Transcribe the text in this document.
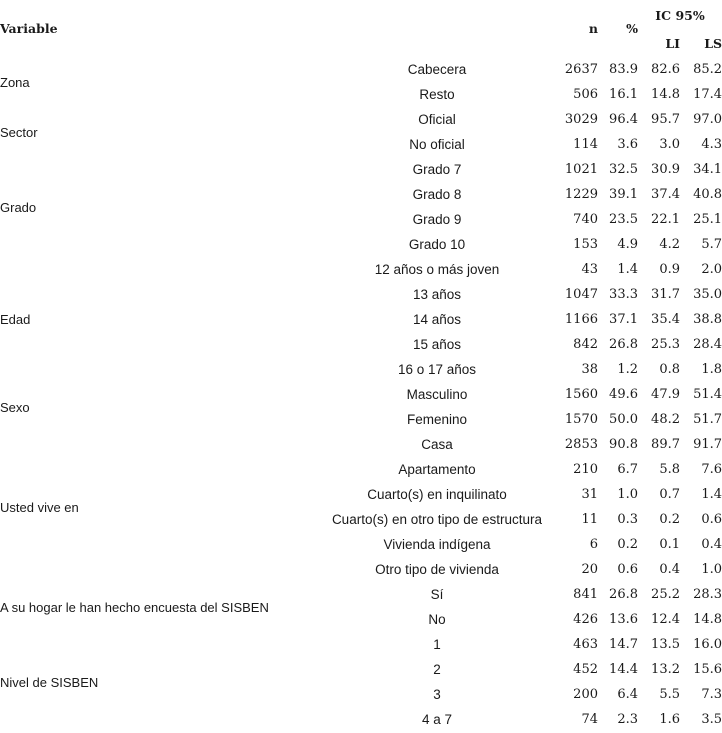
Variable		n	%	IC 95%	
				LI	LS
Zona	Cabecera	2637	83.9	82.6	85.2
	Resto	506	16.1	14.8	17.4
Sector	Oficial	3029	96.4	95.7	97.0
	No oficial	114	3.6	3.0	4.3
Grado	Grado 7	1021	32.5	30.9	34.1
	Grado 8	1229	39.1	37.4	40.8
	Grado 9	740	23.5	22.1	25.1
	Grado 10	153	4.9	4.2	5.7
Edad	12 años o más joven	43	1.4	0.9	2.0
	13 años	1047	33.3	31.7	35.0
	14 años	1166	37.1	35.4	38.8
	15 años	842	26.8	25.3	28.4
	16 o 17 años	38	1.2	0.8	1.8
Sexo	Masculino	1560	49.6	47.9	51.4
	Femenino	1570	50.0	48.2	51.7
Usted vive en	Casa	2853	90.8	89.7	91.7
	Apartamento	210	6.7	5.8	7.6
	Cuarto(s) en inquilinato	31	1.0	0.7	1.4
	Cuarto(s) en otro tipo de estructura	11	0.3	0.2	0.6
	Vivienda indígena	6	0.2	0.1	0.4
	Otro tipo de vivienda	20	0.6	0.4	1.0
A su hogar le han hecho encuesta del SISBEN	Sí	841	26.8	25.2	28.3
	No	426	13.6	12.4	14.8
Nivel de SISBEN	1	463	14.7	13.5	16.0
	2	452	14.4	13.2	15.6
	3	200	6.4	5.5	7.3
	4 a 7	74	2.3	1.6	3.5
